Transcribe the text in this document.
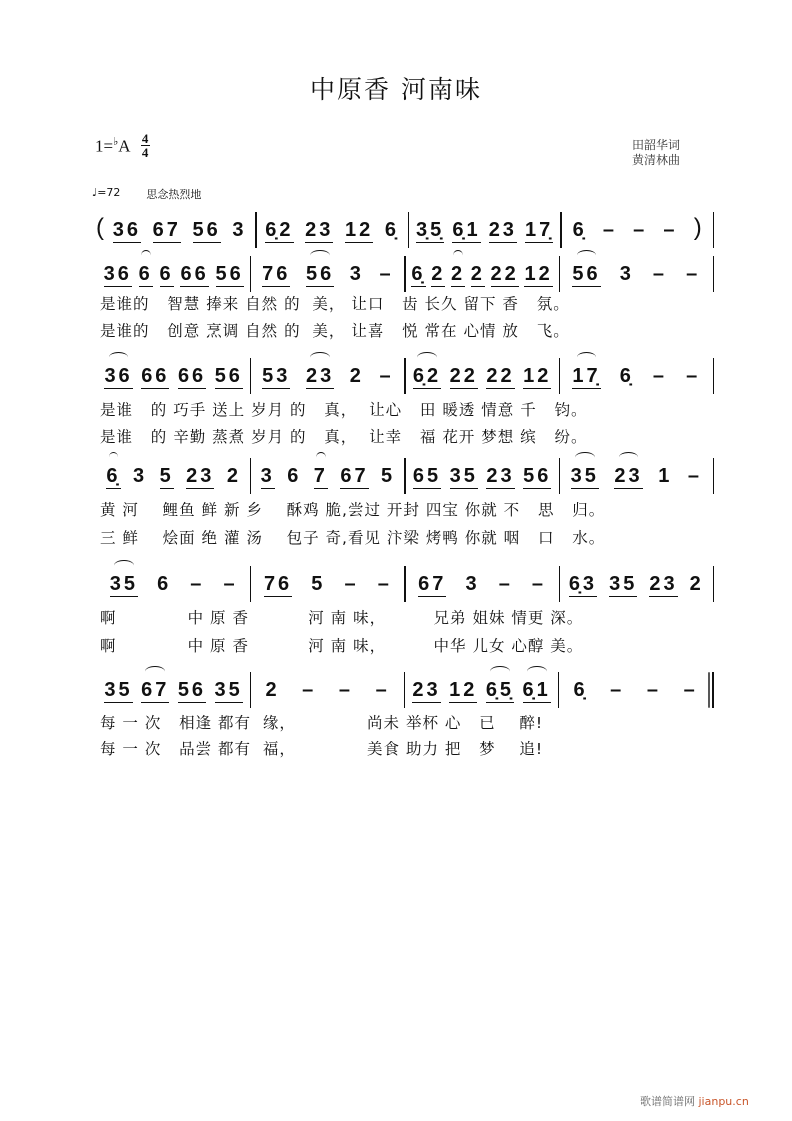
中原香 河南味
1=♭A 4
4	田韶华词
黄清林曲
♩=72 思念热烈地
( 36 67 56 3 6̣2 23 12 6̣ 3̣5̣ 6̣1 23 17̣ 6̣ – – – )
36 6 6 66 56 76 56 3 – 6̣ 2 2 2 22 12 56 3 – –
36 66 66 56 53 23 2 – 6̣2 22 22 12 17̣ 6̣ – –
6̣ 3 5 23 2 3 6 7 67 5 65 35 23 56 35 23 1 –
35 6 – – 76 5 – – 67 3 – – 6̣3 35 23 2
35 67 56 35 2 – – – 23 12 6̣5̣ 6̣1 6̣ – – –
是谁的   智慧 捧来 自然 的  美， 让口   齿 长久 留下 香   氛。
是谁的   创意 烹调 自然 的  美， 让喜   悦 常在 心情 放   飞。
是谁   的 巧手 送上 岁月 的   真，  让心   田 暖透 情意 千   钧。
是谁   的 辛勤 蒸煮 岁月 的   真，  让幸   福 花开 梦想 缤   纷。
黄 河    鲤鱼 鲜 新 乡    酥鸡 脆,尝过 开封 四宝 你就 不   思   归。
三 鲜    烩面 绝 灌 汤    包子 奇,看见 汴梁 烤鸭 你就 咽   口   水。
啊            中 原 香          河 南 味，        兄弟 姐妹 情更 深。
啊            中 原 香          河 南 味，        中华 儿女 心醇 美。
每 一 次   相逢 都有  缘，            尚未 举杯 心   已    醉!
每 一 次   品尝 都有  福，            美食 助力 把   梦    追!
歌谱简谱网 jianpu.cn
